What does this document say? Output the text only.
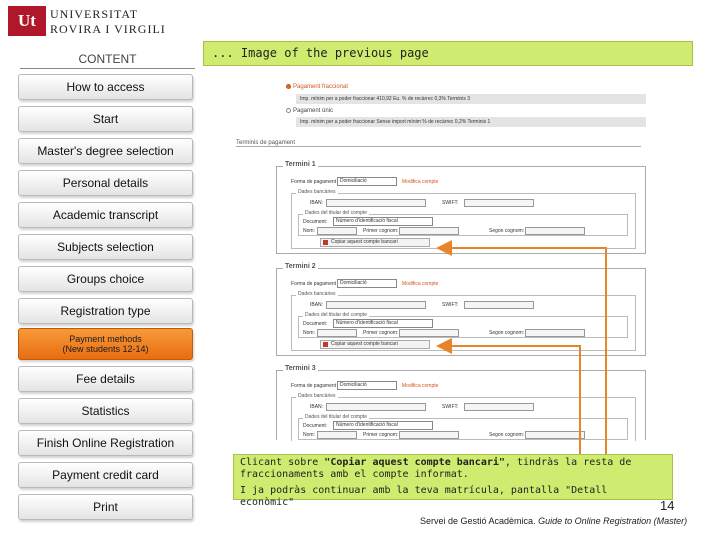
Ut	UNIVERSITAT
ROVIRA I VIRGILI
CONTENT
How to access
Start
Master's degree selection
Personal details
Academic transcript
Subjects selection
Groups choice
Registration type
Payment methods
(New students 12-14)
Fee details
Statistics
Finish Online Registration
Payment credit card
Print
... Image of the previous page
Pagament fraccionat
Imp. mínim per a poder fraccionar 410,92 Eu. % de recàrrec 0,3% Terminis 3
Pagament únic
Imp. mínim per a poder fraccionar Sense import mínim % de recàrrec 0,2% Terminis 1
Terminis de pagament
Termini 1
Forma de pagament Domiciliació	Modifica compte
Dades bancàries
IBAN:	SWIFT:
Dades del titular del compte
Document:	Número d'identificació fiscal
Nom:	Primer cognom:	Segon cognom:
Copiar aquest compte bancari
Termini 2
Forma de pagament Domiciliació	Modifica compte
Dades bancàries
IBAN:	SWIFT:
Dades del titular del compte
Document:	Número d'identificació fiscal
Nom:	Primer cognom:	Segon cognom:
Copiar aquest compte bancari
Termini 3
Forma de pagament Domiciliació	Modifica compte
Dades bancàries
IBAN:	SWIFT:
Dades del titular del compte
Document:	Número d'identificació fiscal
Nom:	Primer cognom:	Segon cognom:

Clicant sobre "Copiar aquest compte bancari", tindràs la resta de fraccionaments amb el compte informat.

I ja podràs continuar amb la teva matrícula, pantalla "Detall econòmic"	14
Servei de Gestió Acadèmica. Guide to Online Registration (Master)
